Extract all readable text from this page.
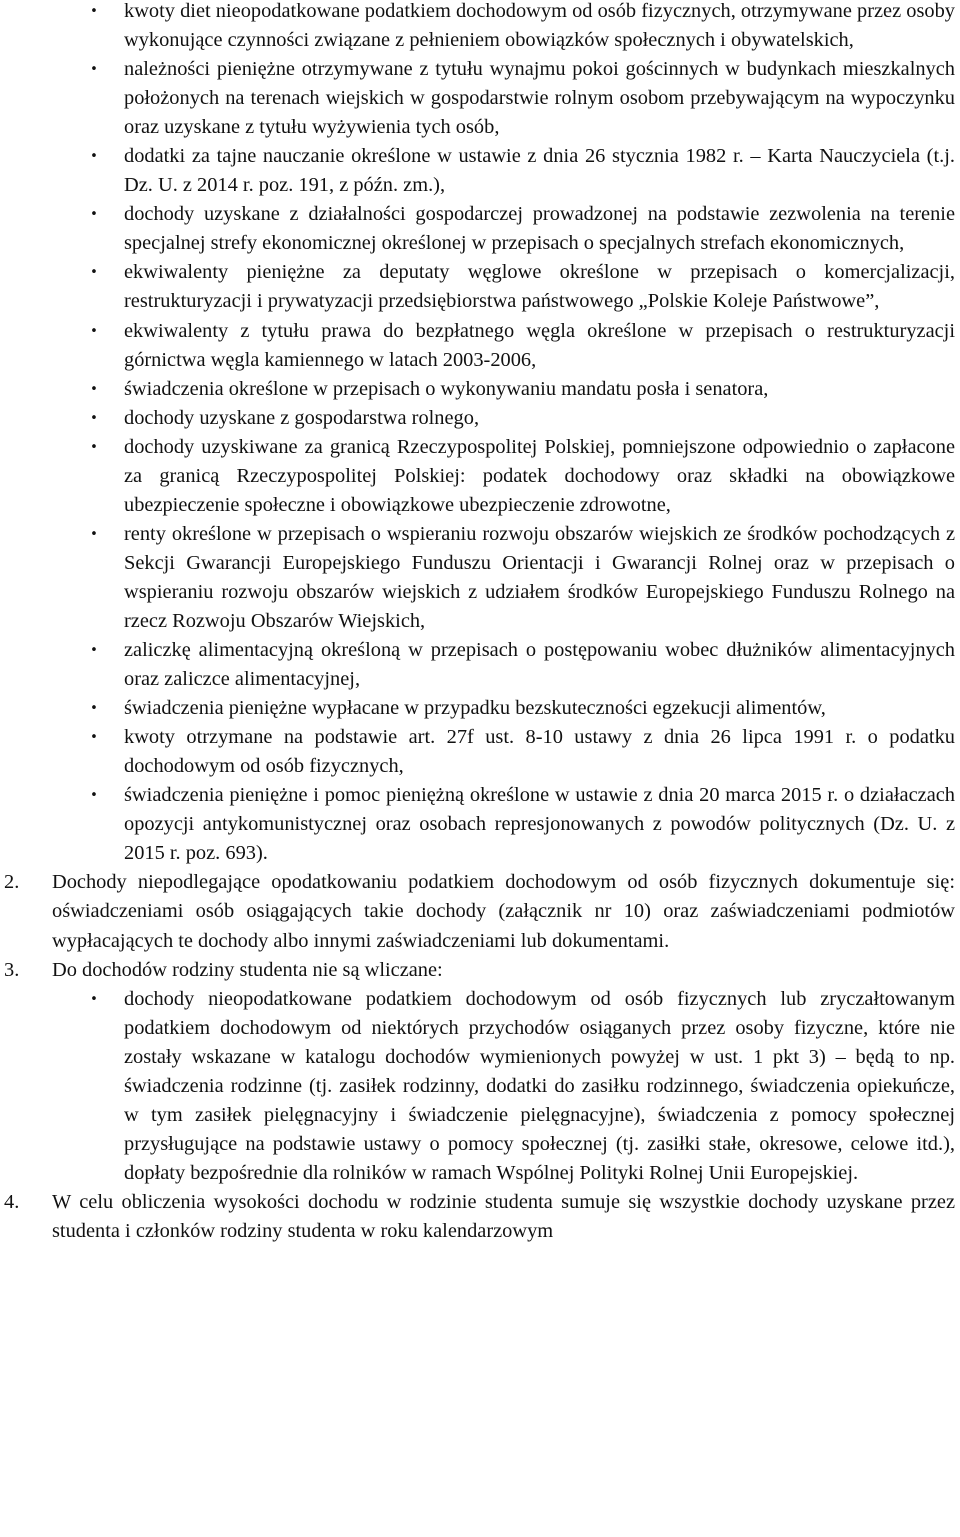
• kwoty diet nieopodatkowane podatkiem dochodowym od osób fizycznych, otrzymywane przez osoby wykonujące czynności związane z pełnieniem obowiązków społecznych i obywatelskich,
• należności pieniężne otrzymywane z tytułu wynajmu pokoi gościnnych w budynkach mieszkalnych położonych na terenach wiejskich w gospodarstwie rolnym osobom przebywającym na wypoczynku oraz uzyskane z tytułu wyżywienia tych osób,
• dodatki za tajne nauczanie określone w ustawie z dnia 26 stycznia 1982 r. – Karta Nauczyciela (t.j. Dz. U. z 2014 r. poz. 191, z późn. zm.),
• dochody uzyskane z działalności gospodarczej prowadzonej na podstawie zezwolenia na terenie specjalnej strefy ekonomicznej określonej w przepisach o specjalnych strefach ekonomicznych,
• ekwiwalenty pieniężne za deputaty węglowe określone w przepisach o komercjalizacji, restrukturyzacji i prywatyzacji przedsiębiorstwa państwowego „Polskie Koleje Państwowe”,
• ekwiwalenty z tytułu prawa do bezpłatnego węgla określone w przepisach o restrukturyzacji górnictwa węgla kamiennego w latach 2003-2006,
• świadczenia określone w przepisach o wykonywaniu mandatu posła i senatora,
• dochody uzyskane z gospodarstwa rolnego,
• dochody uzyskiwane za granicą Rzeczypospolitej Polskiej, pomniejszone odpowiednio o zapłacone za granicą Rzeczypospolitej Polskiej: podatek dochodowy oraz składki na obowiązkowe ubezpieczenie społeczne i obowiązkowe ubezpieczenie zdrowotne,
• renty określone w przepisach o wspieraniu rozwoju obszarów wiejskich ze środków pochodzących z Sekcji Gwarancji Europejskiego Funduszu Orientacji i Gwarancji Rolnej oraz w przepisach o wspieraniu rozwoju obszarów wiejskich z udziałem środków Europejskiego Funduszu Rolnego na rzecz Rozwoju Obszarów Wiejskich,
• zaliczkę alimentacyjną określoną w przepisach o postępowaniu wobec dłużników alimentacyjnych oraz zaliczce alimentacyjnej,
• świadczenia pieniężne wypłacane w przypadku bezskuteczności egzekucji alimentów,
• kwoty otrzymane na podstawie art. 27f ust. 8-10 ustawy z dnia 26 lipca 1991 r. o podatku dochodowym od osób fizycznych,
• świadczenia pieniężne i pomoc pieniężną określone w ustawie z dnia 20 marca 2015 r. o działaczach opozycji antykomunistycznej oraz osobach represjonowanych z powodów politycznych (Dz. U. z 2015 r. poz. 693).
2. Dochody niepodlegające opodatkowaniu podatkiem dochodowym od osób fizycznych dokumentuje się: oświadczeniami osób osiągających takie dochody (załącznik nr 10) oraz zaświadczeniami podmiotów wypłacających te dochody albo innymi zaświadczeniami lub dokumentami.
3. Do dochodów rodziny studenta nie są wliczane:
• dochody nieopodatkowane podatkiem dochodowym od osób fizycznych lub zryczałtowanym podatkiem dochodowym od niektórych przychodów osiąganych przez osoby fizyczne, które nie zostały wskazane w katalogu dochodów wymienionych powyżej w ust. 1 pkt 3) – będą to np. świadczenia rodzinne (tj. zasiłek rodzinny, dodatki do zasiłku rodzinnego, świadczenia opiekuńcze, w tym zasiłek pielęgnacyjny i świadczenie pielęgnacyjne), świadczenia z pomocy społecznej przysługujące na podstawie ustawy o pomocy społecznej (tj. zasiłki stałe, okresowe, celowe itd.), dopłaty bezpośrednie dla rolników w ramach Wspólnej Polityki Rolnej Unii Europejskiej.
4. W celu obliczenia wysokości dochodu w rodzinie studenta sumuje się wszystkie dochody uzyskane przez studenta i członków rodziny studenta w roku kalendarzowym
